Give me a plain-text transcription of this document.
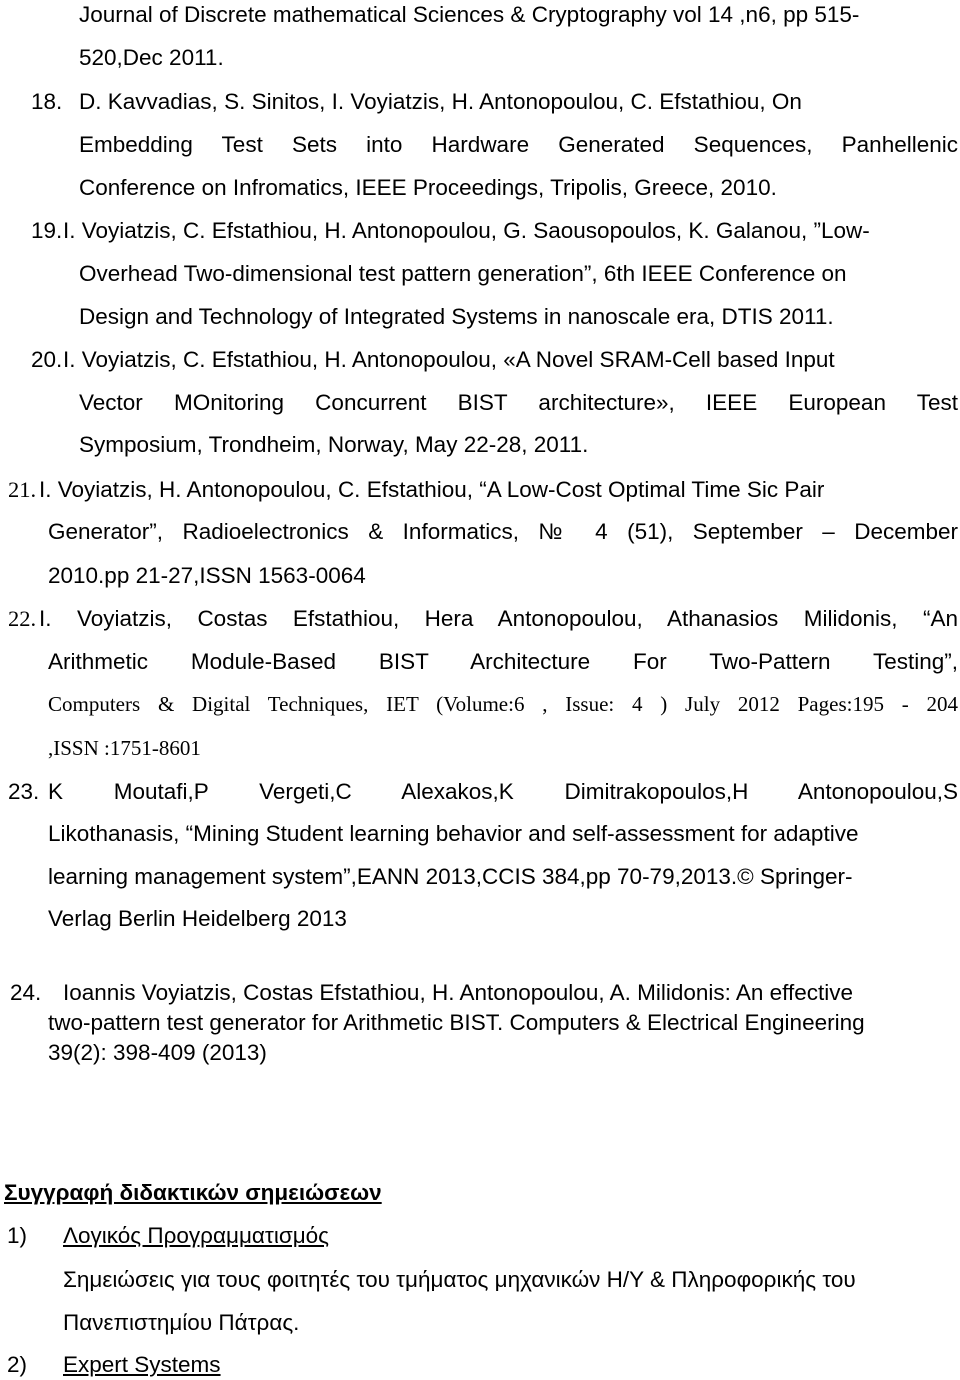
Journal of Discrete mathematical Sciences & Cryptography vol 14 ,n6, pp 515-
520,Dec 2011.
18. D. Kavvadias, S. Sinitos, I. Voyiatzis, H. Antonopoulou, C. Efstathiou, On
Embedding Test Sets into Hardware Generated Sequences, Panhellenic
Conference on Infromatics, IEEE Proceedings, Tripolis, Greece, 2010.
19. I. Voyiatzis, C. Efstathiou, H. Antonopoulou, G. Saousopoulos, K. Galanou, ”Low-
Overhead Two-dimensional test pattern generation”, 6th IEEE Conference on
Design and Technology of Integrated Systems in nanoscale era, DTIS 2011.
20. I. Voyiatzis, C. Efstathiou, H. Antonopoulou, «A Novel SRAM-Cell based Input
Vector MOnitoring Concurrent BIST architecture», IEEE European Test
Symposium, Trondheim, Norway, May 22-28, 2011.
21. I. Voyiatzis, H. Antonopoulou, C. Efstathiou, “A Low-Cost Optimal Time Sic Pair
Generator”, Radioelectronics & Informatics, № 4 (51), September – December
2010.pp 21-27,ISSN 1563-0064
22. I. Voyiatzis, Costas Efstathiou, Hera Antonopoulou, Athanasios Milidonis, “An
Arithmetic Module-Based BIST Architecture For Two-Pattern Testing”,
Computers & Digital Techniques, IET (Volume:6 , Issue: 4 ) July 2012 Pages:195 - 204
,ISSN :1751-8601
23. K Moutafi,P Vergeti,C Alexakos,K Dimitrakopoulos,H Antonopoulou,S
Likothanasis, “Mining Student learning behavior and self-assessment for adaptive
learning management system”,EANN 2013,CCIS 384,pp 70-79,2013.© Springer-
Verlag Berlin Heidelberg 2013
24. Ioannis Voyiatzis, Costas Efstathiou, H. Antonopoulou, A. Milidonis: An effective
two-pattern test generator for Arithmetic BIST. Computers & Electrical Engineering
39(2): 398-409 (2013)
Συγγραφή διδακτικών σημειώσεων
1) Λογικός Προγραμματισμός
Σημειώσεις για τους φοιτητές του τμήματος μηχανικών Η/Υ & Πληροφορικής του
Πανεπιστημίου Πάτρας.
2) Expert Systems
